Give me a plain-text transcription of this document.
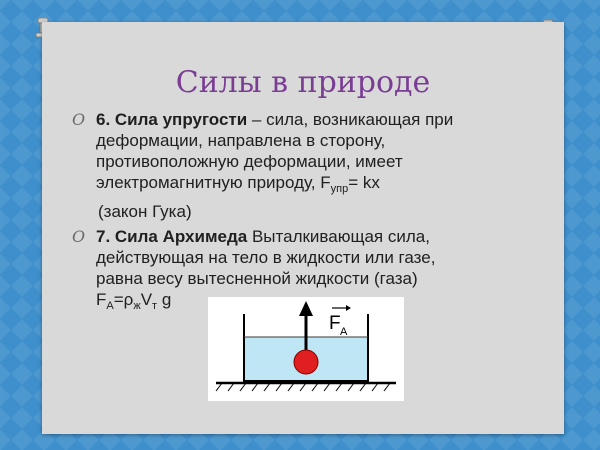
Силы в природе
O 6. Сила упругости – сила, возникающая при
деформации, направлена в сторону,
противоположную деформации, имеет
электромагнитную природу, $F_{упр}=$ kx
(закон Гука)
O 7. Сила Архимеда Выталкивающая сила,
действующая на тело в жидкости или газе,
равна весу вытесненной жидкости (газа)
$F_A=\rho_жV_т$ g
F A
